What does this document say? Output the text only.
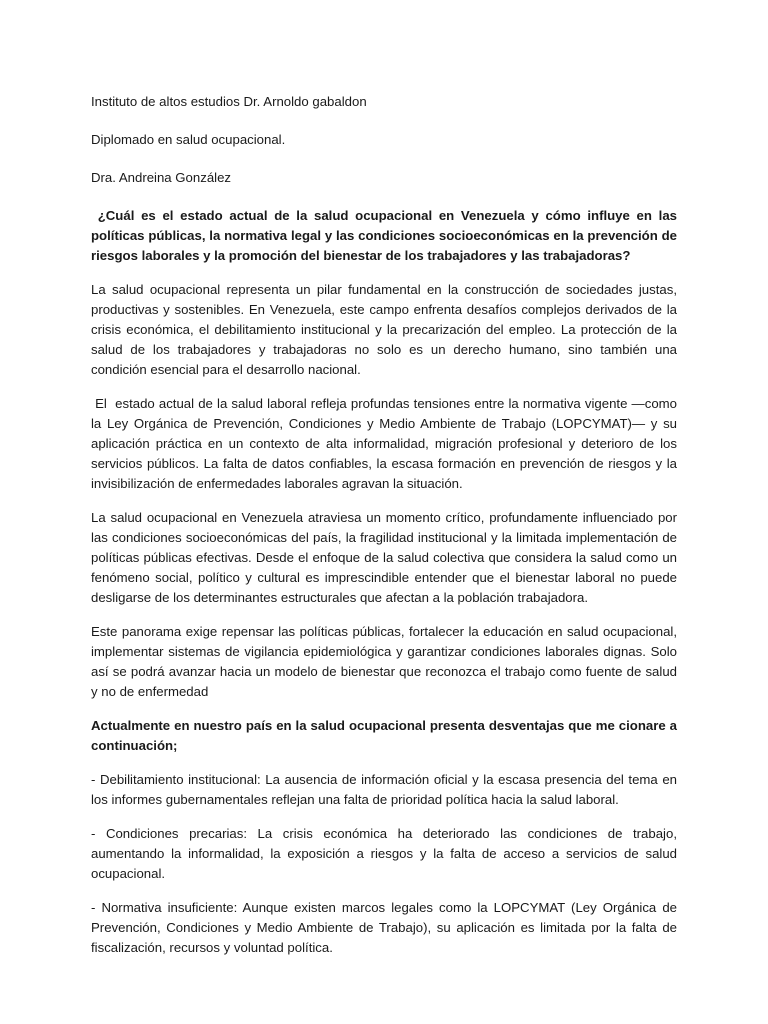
Instituto de altos estudios Dr. Arnoldo gabaldon

Diplomado en salud ocupacional.

Dra. Andreina González

¿Cuál es el estado actual de la salud ocupacional en Venezuela y cómo influye en las políticas públicas, la normativa legal y las condiciones socioeconómicas en la prevención de riesgos laborales y la promoción del bienestar de los trabajadores y las trabajadoras?

La salud ocupacional representa un pilar fundamental en la construcción de sociedades justas, productivas y sostenibles. En Venezuela, este campo enfrenta desafíos complejos derivados de la crisis económica, el debilitamiento institucional y la precarización del empleo. La protección de la salud de los trabajadores y trabajadoras no solo es un derecho humano, sino también una condición esencial para el desarrollo nacional.

El  estado actual de la salud laboral refleja profundas tensiones entre la normativa vigente —como la Ley Orgánica de Prevención, Condiciones y Medio Ambiente de Trabajo (LOPCYMAT)— y su aplicación práctica en un contexto de alta informalidad, migración profesional y deterioro de los servicios públicos. La falta de datos confiables, la escasa formación en prevención de riesgos y la invisibilización de enfermedades laborales agravan la situación.

La salud ocupacional en Venezuela atraviesa un momento crítico, profundamente influenciado por las condiciones socioeconómicas del país, la fragilidad institucional y la limitada implementación de políticas públicas efectivas. Desde el enfoque de la salud colectiva que considera la salud como un fenómeno social, político y cultural es imprescindible entender que el bienestar laboral no puede desligarse de los determinantes estructurales que afectan a la población trabajadora.

Este panorama exige repensar las políticas públicas, fortalecer la educación en salud ocupacional, implementar sistemas de vigilancia epidemiológica y garantizar condiciones laborales dignas. Solo así se podrá avanzar hacia un modelo de bienestar que reconozca el trabajo como fuente de salud y no de enfermedad

Actualmente en nuestro país en la salud ocupacional presenta desventajas que me cionare a continuación;

- Debilitamiento institucional: La ausencia de información oficial y la escasa presencia del tema en los informes gubernamentales reflejan una falta de prioridad política hacia la salud laboral.

- Condiciones precarias: La crisis económica ha deteriorado las condiciones de trabajo, aumentando la informalidad, la exposición a riesgos y la falta de acceso a servicios de salud ocupacional.

- Normativa insuficiente: Aunque existen marcos legales como la LOPCYMAT (Ley Orgánica de Prevención, Condiciones y Medio Ambiente de Trabajo), su aplicación es limitada por la falta de fiscalización, recursos y voluntad política.
